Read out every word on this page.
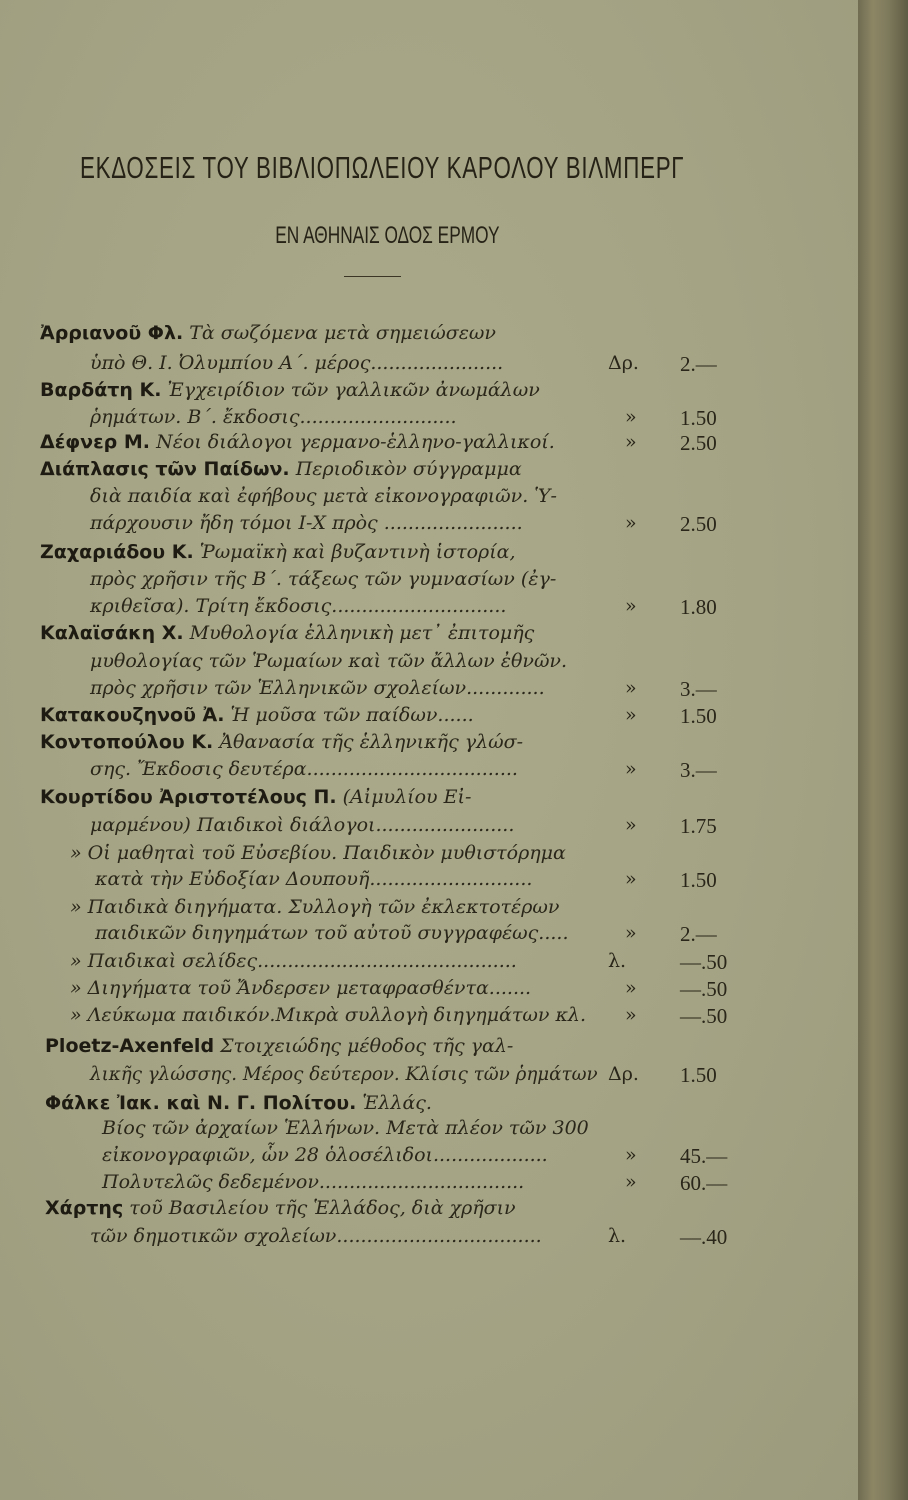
ΕΚΔΟΣΕΙΣ ΤΟΥ ΒΙΒΛΙΟΠΩΛΕΙΟΥ ΚΑΡΟΛΟΥ ΒΙΛΜΠΕΡΓ
ΕΝ ΑΘΗΝΑΙΣ ΟΔΟΣ ΕΡΜΟΥ
Ἀρριανοῦ Φλ. Τὰ σωζόμενα μετὰ σημειώσεων
ὑπὸ Θ. Ι. Ὀλυμπίου Α΄. μέρος......................	Δρ. 2.—
Βαρδάτη Κ. Ἐγχειρίδιον τῶν γαλλικῶν ἀνωμάλων
ῥημάτων. Β΄. ἔκδοσις..........................	» 1.50
Δέφνερ Μ. Νέοι διάλογοι γερμανο-ἑλληνο-γαλλικοί.	» 2.50
Διάπλασις τῶν Παίδων. Περιοδικὸν σύγγραμμα
διὰ παιδία καὶ ἐφήβους μετὰ εἰκονογραφιῶν. Ὑ-
πάρχουσιν ἤδη τόμοι Ι-Χ πρὸς .......................	» 2.50
Ζαχαριάδου Κ. Ῥωμαϊκὴ καὶ βυζαντινὴ ἱστορία,
πρὸς χρῆσιν τῆς Β΄. τάξεως τῶν γυμνασίων (ἐγ-
κριθεῖσα). Τρίτη ἔκδοσις.............................	» 1.80
Καλαϊσάκη Χ. Μυθολογία ἑλληνικὴ μετ᾽ ἐπιτομῆς
μυθολογίας τῶν Ῥωμαίων καὶ τῶν ἄλλων ἐθνῶν.
πρὸς χρῆσιν τῶν Ἑλληνικῶν σχολείων.............	» 3.—
Κατακουζηνοῦ Ἀ. Ἡ μοῦσα τῶν παίδων......	» 1.50
Κοντοπούλου Κ. Ἀθανασία τῆς ἑλληνικῆς γλώσ-
σης. Ἔκδοσις δευτέρα...................................	» 3.—
Κουρτίδου Ἀριστοτέλους Π. (Αἰμυλίου Εἰ-
μαρμένου) Παιδικοὶ διάλογοι.......................	» 1.75
» Οἱ μαθηταὶ τοῦ Εὐσεβίου. Παιδικὸν μυθιστόρημα
κατὰ τὴν Εὐδοξίαν Δουπουῆ...........................	» 1.50
» Παιδικὰ διηγήματα. Συλλογὴ τῶν ἐκλεκτοτέρων
παιδικῶν διηγημάτων τοῦ αὐτοῦ συγγραφέως.....	» 2.—
» Παιδικαὶ σελίδες...........................................	λ.	—.50
» Διηγήματα τοῦ Ἄνδερσεν μεταφρασθέντα.......	» —.50
» Λεύκωμα παιδικόν.Μικρὰ συλλογὴ διηγημάτων κλ. » —.50
Ploetz-Axenfeld Στοιχειώδης μέθοδος τῆς γαλ-
λικῆς γλώσσης. Μέρος δεύτερον. Κλίσις τῶν ῥημάτων Δρ. 1.50
Φάλκε Ἰακ. καὶ Ν. Γ. Πολίτου. Ἑλλάς.
Βίος τῶν ἀρχαίων Ἑλλήνων. Μετὰ πλέον τῶν 300
εἰκονογραφιῶν, ὧν 28 ὁλοσέλιδοι...................	» 45.—
Πολυτελῶς δεδεμένον..................................	» 60.—
Χάρτης τοῦ Βασιλείου τῆς Ἑλλάδος, διὰ χρῆσιν
τῶν δημοτικῶν σχολείων..................................	λ.	—.40
